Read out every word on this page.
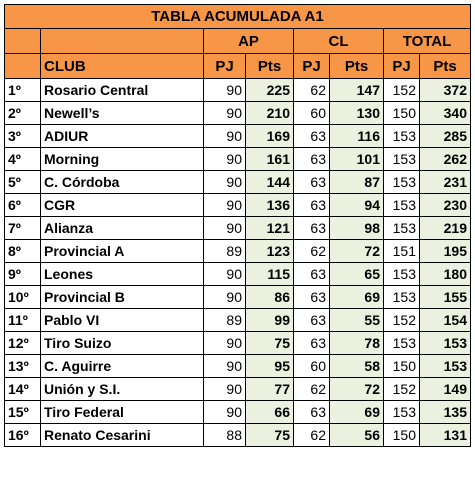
TABLA ACUMULADA A1							
		AP		CL		TOTAL	
	CLUB	PJ	Pts	PJ	Pts	PJ	Pts
1º	Rosario Central	90	225	62	147	152	372
2º	Newell’s	90	210	60	130	150	340
3º	ADIUR	90	169	63	116	153	285
4º	Morning	90	161	63	101	153	262
5º	C. Córdoba	90	144	63	87	153	231
6º	CGR	90	136	63	94	153	230
7º	Alianza	90	121	63	98	153	219
8º	Provincial A	89	123	62	72	151	195
9º	Leones	90	115	63	65	153	180
10º	Provincial B	90	86	63	69	153	155
11º	Pablo VI	89	99	63	55	152	154
12º	Tiro Suizo	90	75	63	78	153	153
13º	C. Aguirre	90	95	60	58	150	153
14º	Unión y S.I.	90	77	62	72	152	149
15º	Tiro Federal	90	66	63	69	153	135
16º	Renato Cesarini	88	75	62	56	150	131
